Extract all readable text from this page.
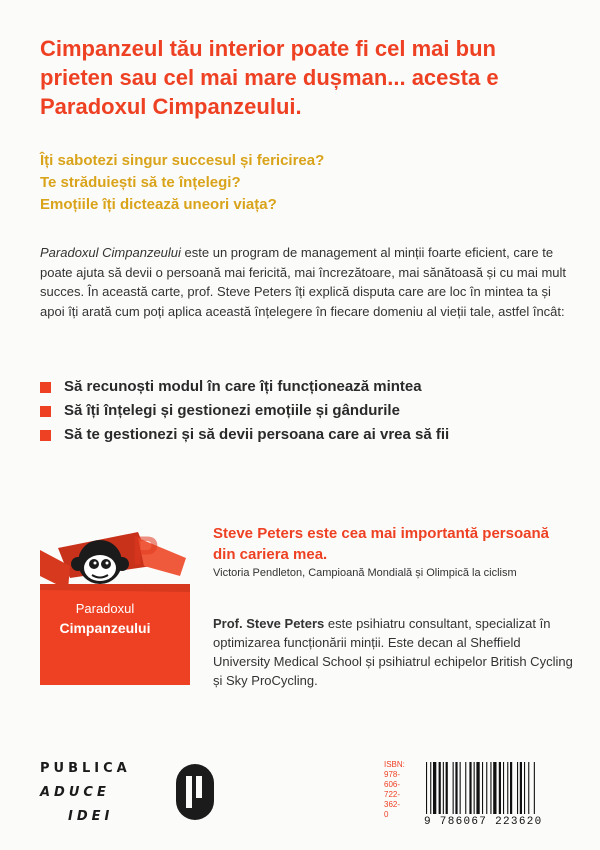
Cimpanzeul tău interior poate fi cel mai bun prieten sau cel mai mare dușman... acesta e Paradoxul Cimpanzeului.

Îți sabotezi singur succesul și fericirea?
Te străduiești să te înțelegi?
Emoțiile îți dictează uneori viața?

Paradoxul Cimpanzeului este un program de management al minții foarte eficient, care te poate ajuta să devii o persoană mai fericită, mai încrezătoare, mai sănătoasă și cu mai mult succes. În această carte, prof. Steve Peters îți explică disputa care are loc în mintea ta și apoi îți arată cum poți aplica această înțelegere în fiecare domeniu al vieții tale, astfel încât:

Să recunoști modul în care îți funcționează mintea
Să îți înțelegi și gestionezi emoțiile și gândurile
Să te gestionezi și să devii persoana care ai vrea să fii
P
Paradoxul
Cimpanzeului

Steve Peters este cea mai importantă persoană din cariera mea.

Victoria Pendleton, Campioană Mondială și Olimpică la ciclism

Prof. Steve Peters este psihiatru consultant, specializat în optimizarea funcționării minții. Este decan al Sheffield University Medical School și psihiatrul echipelor British Cycling și Sky ProCycling.

PUBLICA
ADUCE
IDEI
ISBN:
978-
606-
722-
362-
0
9 786067 223620
